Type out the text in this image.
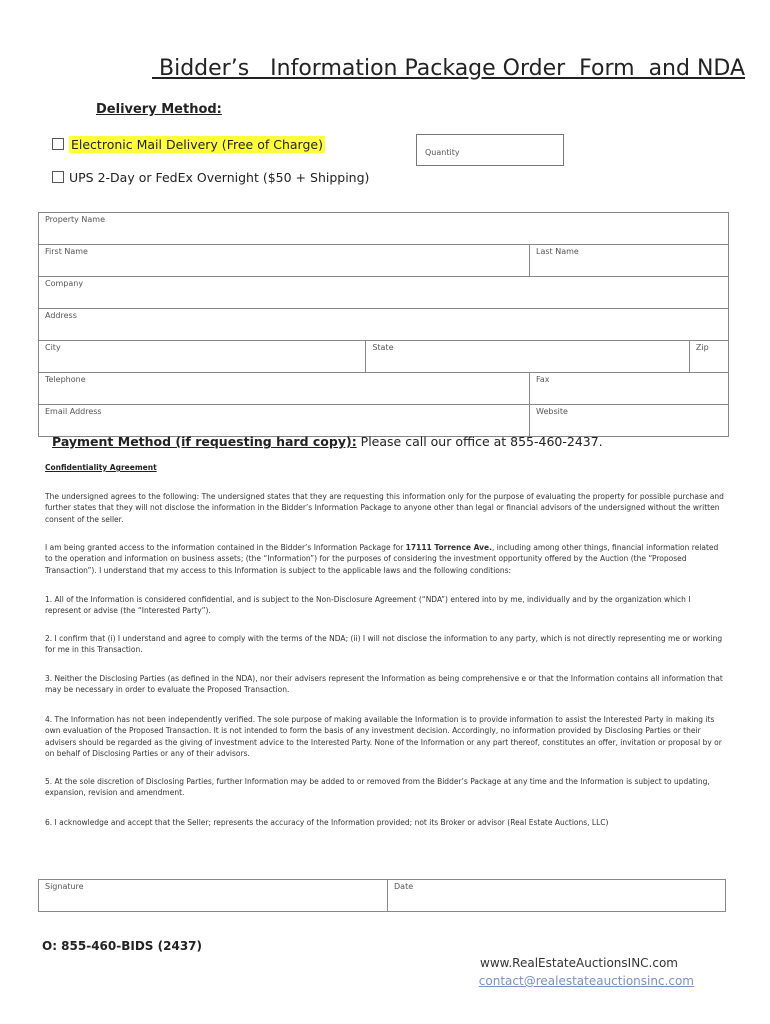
Bidder’s   Information Package Order  Form  and NDA
Delivery Method:
Electronic Mail Delivery (Free of Charge)
UPS 2-Day or FedEx Overnight ($50 + Shipping)
Quantity
Property Name			
First Name		Last Name	
Company			
Address			
City	State		Zip
Telephone		Fax	
Email Address		Website	
Payment Method (if requesting hard copy): Please call our office at 855-460-2437.
Confidentiality Agreement
The undersigned agrees to the following: The undersigned states that they are requesting this information only for the purpose of evaluating the property for possible purchase and further states that they will not disclose the information in the Bidder’s Information Package to anyone other than legal or financial advisors of the undersigned without the written consent of the seller.
I am being granted access to the information contained in the Bidder’s Information Package for 17111 Torrence Ave., including among other things, financial information related to the operation and information on business assets; (the “Information”) for the purposes of considering the investment opportunity offered by the Auction (the “Proposed Transaction”). I understand that my access to this Information is subject to the applicable laws and the following conditions:
1. All of the Information is considered confidential, and is subject to the Non-Disclosure Agreement (“NDA”) entered into by me, individually and by the organization which I represent or advise (the “Interested Party”).
2. I confirm that (i) I understand and agree to comply with the terms of the NDA; (ii) I will not disclose the information to any party, which is not directly representing me or working for me in this Transaction.
3. Neither the Disclosing Parties (as defined in the NDA), nor their advisers represent the Information as being comprehensive e or that the Information contains all information that may be necessary in order to evaluate the Proposed Transaction.
4. The Information has not been independently verified. The sole purpose of making available the Information is to provide information to assist the Interested Party in making its own evaluation of the Proposed Transaction. It is not intended to form the basis of any investment decision. Accordingly, no information provided by Disclosing Parties or their advisers should be regarded as the giving of investment advice to the Interested Party. None of the Information or any part thereof, constitutes an offer, invitation or proposal by or on behalf of Disclosing Parties or any of their advisors.
5. At the sole discretion of Disclosing Parties, further Information may be added to or removed from the Bidder’s Package at any time and the Information is subject to updating, expansion, revision and amendment.
6. I acknowledge and accept that the Seller; represents the accuracy of the Information provided; not its Broker or advisor (Real Estate Auctions, LLC)
Signature	Date
O: 855-460-BIDS (2437)
www.RealEstateAuctionsINC.com
contact@realestateauctionsinc.com
